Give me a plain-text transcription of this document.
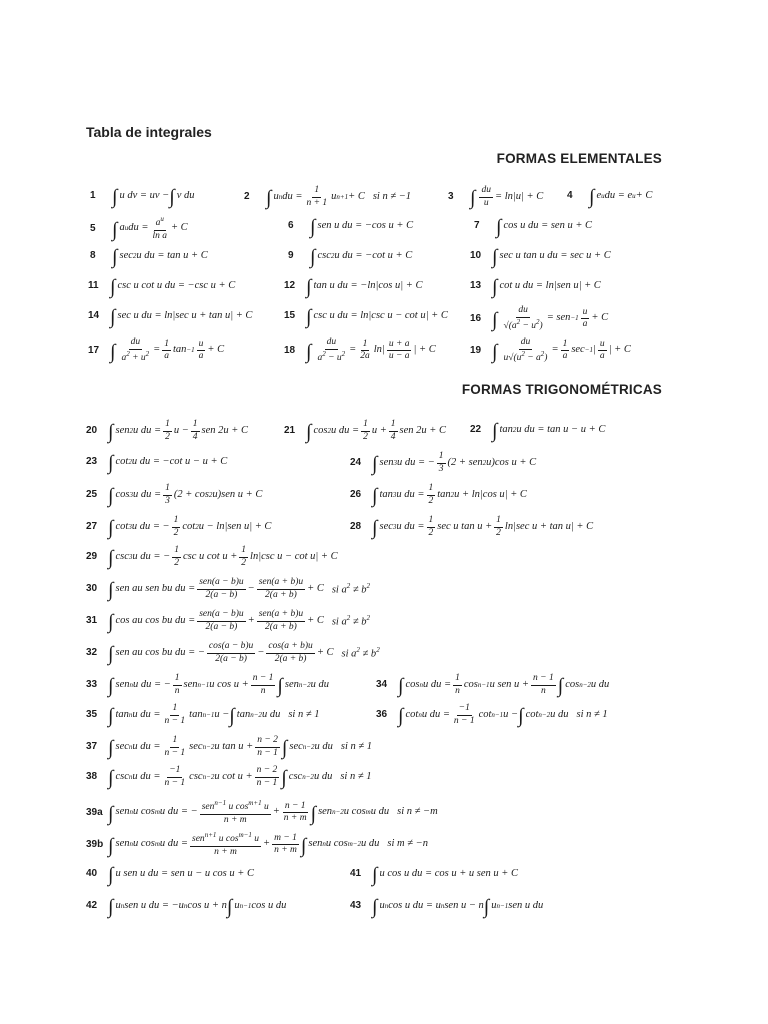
Tabla de integrales
FORMAS ELEMENTALES
FORMAS TRIGONOMÉTRICAS
1 ∫ u dv = uv − ∫ v du	2 ∫ u n du = $\frac{1}{n + 1}$ u n+1 + C si n ≠ −1	3 ∫ $\frac{du}{u} = \ln|u| + C$ 4 ∫ e u du = e u + C
5 ∫ a u du = $\frac{a^u}{\text{ln a}} + C$	6 ∫ sen u du = −cos u + C	7 ∫ cos u du = sen u + C
8 ∫ sec 2 u du = tan u + C	9 ∫ csc 2 u du = −cot u + C	10 ∫ sec u tan u du = sec u + C
11 ∫ csc u cot u du = −csc u + C	12 ∫ tan u du = −ln|cos u| + C	13 ∫ cot u du = ln|sen u| + C
14 ∫ sec u du = ln|sec u + tan u| + C	15 ∫ csc u du = ln|csc u − cot u| + C 16 ∫ $\frac{du}{√(a^2 - u^2)}$ = sen $-1 \frac{u}{a} + C$
17 ∫ $\frac{du}{a^2 + u^2} = \frac{1}{a}$ $\tan -1 \frac{u}{a} + C$	18 ∫ $\frac{du}{a^2 - u^2} = \frac{1}{2a} \ln| \frac{u + a}{u - a}$ | + C	19 ∫ $\frac{du}{u√(u^2 - a^2)} = \frac{1}{a}$ sec −1 | $\frac{u}{a}$ | + C
20 ∫ sen 2 u du = $\frac{1}{2}$ $u - \frac{1}{4}$ sen 2u + C	21 ∫ cos 2 u du = $\frac{1}{2}$ $u + \frac{1}{4}$ sen 2u + C 22 ∫ tan 2 u du = tan u − u + C
23 ∫ cot 2 u du = −cot u − u + C	24 ∫ sen 3 u du = − $\frac{1}{3} (2$ + sen 2 u)cos u + C
25 ∫ cos 3 u du = $\frac{1}{3} (2 + \cos 2$ u)sen u + C	26 ∫ tan 3 u du = $\frac{1}{2}$ tan 2 u + ln|cos u| + C
27 ∫ cot 3 u du = − $\frac{1}{2}$ cot 2 u − ln|sen u| + C	28 ∫ sec 3 u du = $\frac{1}{2}$ sec u $\tan u + \frac{1}{2} \ln|\sec$ u + tan u| + C
29 ∫ csc 3 u du = − $\frac{1}{2}$ csc u $\cot u + \frac{1}{2} \ln|\csc$ u − cot u| + C
30 ∫ sen au sen bu du = $\frac{\text{sen(a − b)u}}{2(a - b)} - \frac{\text{sen(a + b)u}}{2(a + b)} + C$ si $a^2 \ne b^2$
31 ∫ cos au cos bu du = $\frac{\text{sen(a − b)u}}{2(a - b)} + \frac{\text{sen(a + b)u}}{2(a + b)} + C$ si $a^2 \ne b^2$
32 ∫ sen au cos bu du = − $\frac{\cos(a - b)u}{2(a - b)} - \frac{\cos(a + b)u}{2(a + b)} + C$ si $a^2 \ne b^2$
33 ∫ sen n u du = − $\frac{1}{n}$ sen n−1 u $\cos u + \frac{n - 1}{n}$ ∫ sen n−2 u du	34 ∫ cos n u du = $\frac{1}{n}$ cos n−1 u sen $u + \frac{n - 1}{n}$ ∫ cos n−2 u du
35 ∫ tan n u du = $\frac{1}{n - 1}$ tan n−1 u − ∫ tan n−2 u du si n ≠ 1	36 ∫ cot n u du = $\frac{-1}{n - 1}$ cot n−1 u − ∫ cot n−2 u du si n ≠ 1
37 ∫ sec n u du = $\frac{1}{n - 1}$ sec n−2 u $\tan u + \frac{n - 2}{n - 1}$ ∫ sec n−2 u du si n ≠ 1
38 ∫ csc n u du = $\frac{-1}{n - 1}$ csc n−2 u $\cot u + \frac{n - 2}{n - 1}$ ∫ csc n−2 u du si n ≠ 1
39a ∫ sen n u cos m u du = − $\frac{sen^{n-1} u \cos^{m+1} u}{n + m} + \frac{n - 1}{n + m}$ ∫ sen n−2 u cos m u du si n ≠ −m
39b ∫ sen n u cos m u du = $\frac{sen^{n+1} u \cos^{m-1} u}{n + m} + \frac{m - 1}{n + m}$ ∫ sen n u cos m−2 u du si m ≠ −n
40 ∫ u sen u du = sen u − u cos u + C	41 ∫ u cos u du = cos u + u sen u + C
42 ∫ u n sen u du = −u n cos u + n ∫ u n−1 cos u du	43 ∫ u n cos u du = u n sen u − n ∫ u n−1 sen u du
